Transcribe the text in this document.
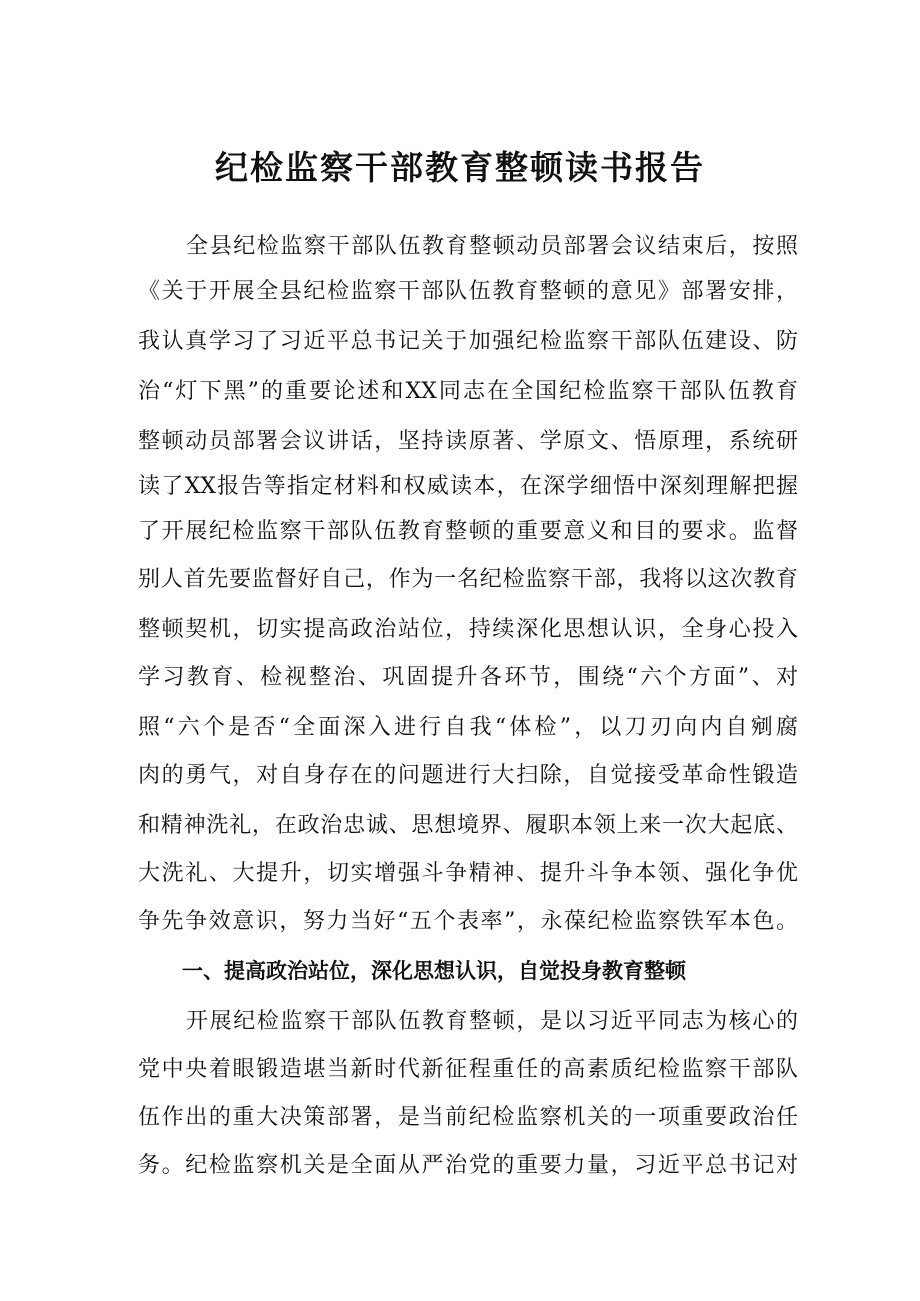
纪检监察干部教育整顿读书报告
全县纪检监察干部队伍教育整顿动员部署会议结束后，按照
《关于开展全县纪检监察干部队伍教育整顿的意见》部署安排，
我认真学习了习近平总书记关于加强纪检监察干部队伍建设、防
治“灯下黑”的重要论述和XX同志在全国纪检监察干部队伍教育
整顿动员部署会议讲话，坚持读原著、学原文、悟原理，系统研
读了XX报告等指定材料和权威读本，在深学细悟中深刻理解把握
了开展纪检监察干部队伍教育整顿的重要意义和目的要求。监督
别人首先要监督好自己，作为一名纪检监察干部，我将以这次教育
整顿契机，切实提高政治站位，持续深化思想认识，全身心投入
学习教育、检视整治、巩固提升各环节，围绕“六个方面”、对
照“六个是否“全面深入进行自我“体检”，以刀刃向内自剜腐
肉的勇气，对自身存在的问题进行大扫除，自觉接受革命性锻造
和精神洗礼，在政治忠诚、思想境界、履职本领上来一次大起底、
大洗礼、大提升，切实增强斗争精神、提升斗争本领、强化争优
争先争效意识，努力当好“五个表率”，永葆纪检监察铁军本色。
一、提高政治站位，深化思想认识，自觉投身教育整顿
开展纪检监察干部队伍教育整顿，是以习近平同志为核心的
党中央着眼锻造堪当新时代新征程重任的高素质纪检监察干部队
伍作出的重大决策部署，是当前纪检监察机关的一项重要政治任
务。纪检监察机关是全面从严治党的重要力量，习近平总书记对
